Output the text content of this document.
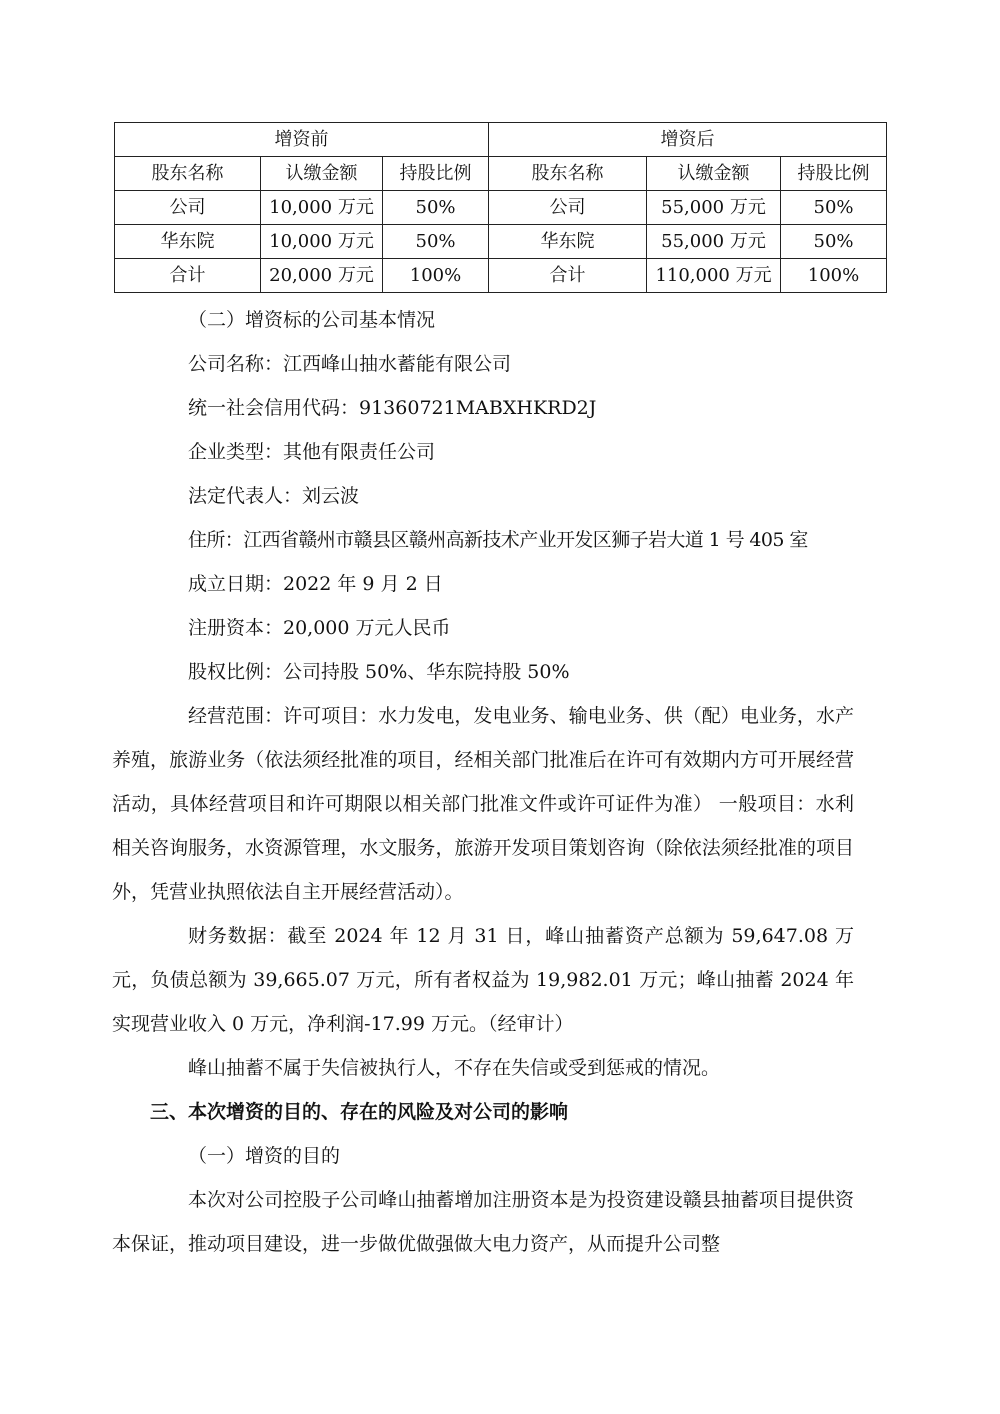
增资前			增资后		
股东名称	认缴金额	持股比例	股东名称	认缴金额	持股比例
公司	10,000 万元	50%	公司	55,000 万元	50%
华东院	10,000 万元	50%	华东院	55,000 万元	50%
合计	20,000 万元	100%	合计	110,000 万元	100%

（二）增资标的公司基本情况

公司名称：江西峰山抽水蓄能有限公司

统一社会信用代码：91360721MABXHKRD2J

企业类型：其他有限责任公司

法定代表人：刘云波

住所：江西省赣州市赣县区赣州高新技术产业开发区狮子岩大道 1 号 405 室

成立日期：2022 年 9 月 2 日

注册资本：20,000 万元人民币

股权比例：公司持股 50%、华东院持股 50%

经营范围：许可项目：水力发电，发电业务、输电业务、供（配）电业务，水产养殖，旅游业务（依法须经批准的项目，经相关部门批准后在许可有效期内方可开展经营活动，具体经营项目和许可期限以相关部门批准文件或许可证件为准） 一般项目：水利相关咨询服务，水资源管理，水文服务，旅游开发项目策划咨询（除依法须经批准的项目外，凭营业执照依法自主开展经营活动）。

财务数据：截至 2024 年 12 月 31 日，峰山抽蓄资产总额为 59,647.08 万元，负债总额为 39,665.07 万元，所有者权益为 19,982.01 万元；峰山抽蓄 2024 年实现营业收入 0 万元，净利润-17.99 万元。（经审计）

峰山抽蓄不属于失信被执行人，不存在失信或受到惩戒的情况。

三、本次增资的目的、存在的风险及对公司的影响

（一）增资的目的

本次对公司控股子公司峰山抽蓄增加注册资本是为投资建设赣县抽蓄项目提供资本保证，推动项目建设，进一步做优做强做大电力资产，从而提升公司整
